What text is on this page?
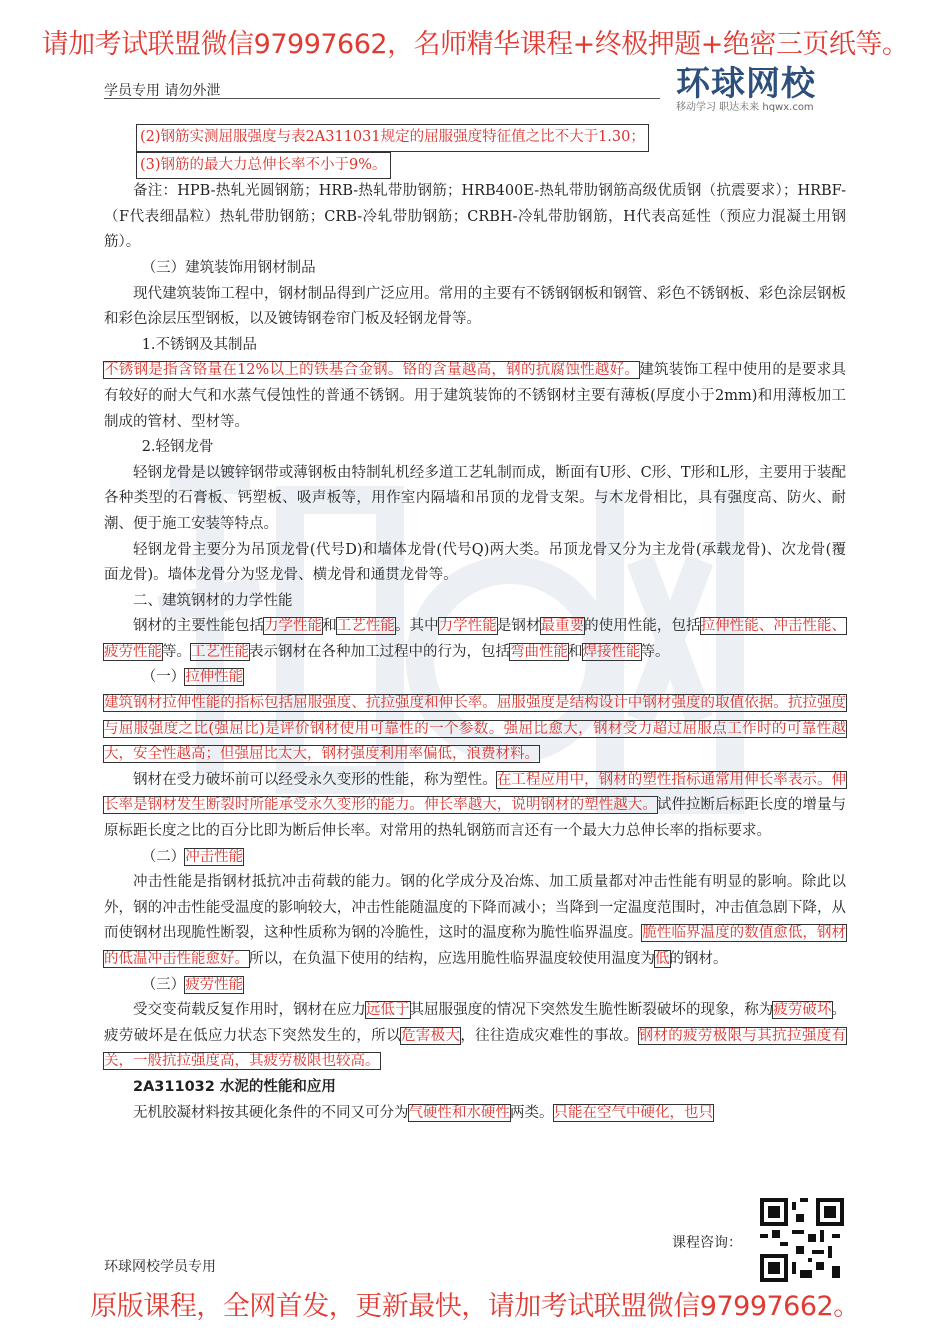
请加考试联盟微信97997662，名师精华课程+终极押题+绝密三页纸等。
学员专用 请勿外泄	环球网校
移动学习 职达未来 hqwx.com

(2)钢筋实测屈服强度与表2A311031规定的屈服强度特征值之比不大于1.30；
(3)钢筋的最大力总伸长率不小于9%。

备注：HPB-热轧光圆钢筋；HRB-热轧带肋钢筋；HRB400E-热轧带肋钢筋高级优质钢（抗震要求）；HRBF-（F代表细晶粒）热轧带肋钢筋；CRB-冷轧带肋钢筋；CRBH-冷轧带肋钢筋，H代表高延性（预应力混凝土用钢筋）。

（三）建筑装饰用钢材制品

现代建筑装饰工程中，钢材制品得到广泛应用。常用的主要有不锈钢钢板和钢管、彩色不锈钢板、彩色涂层钢板和彩色涂层压型钢板，以及镀铸钢卷帘门板及轻钢龙骨等。

1.不锈钢及其制品

不锈钢是指含铬量在12%以上的铁基合金钢。铬的含量越高，钢的抗腐蚀性越好。建筑装饰工程中使用的是要求具有较好的耐大气和水蒸气侵蚀性的普通不锈钢。用于建筑装饰的不锈钢材主要有薄板(厚度小于2mm)和用薄板加工制成的管材、型材等。

2.轻钢龙骨

轻钢龙骨是以镀锌钢带或薄钢板由特制轧机经多道工艺轧制而成，断面有U形、C形、T形和L形，主要用于装配各种类型的石膏板、钙塑板、吸声板等，用作室内隔墙和吊顶的龙骨支架。与木龙骨相比，具有强度高、防火、耐潮、便于施工安装等特点。

轻钢龙骨主要分为吊顶龙骨(代号D)和墙体龙骨(代号Q)两大类。吊顶龙骨又分为主龙骨(承载龙骨)、次龙骨(覆面龙骨)。墙体龙骨分为竖龙骨、横龙骨和通贯龙骨等。

二、建筑钢材的力学性能

钢材的主要性能包括力学性能和工艺性能。其中力学性能是钢材最重要的使用性能，包括拉伸性能、冲击性能、疲劳性能等。工艺性能表示钢材在各种加工过程中的行为，包括弯曲性能和焊接性能等。

（一）拉伸性能

建筑钢材拉伸性能的指标包括屈服强度、抗拉强度和伸长率。屈服强度是结构设计中钢材强度的取值依据。抗拉强度与屈服强度之比(强屈比)是评价钢材使用可靠性的一个参数。强屈比愈大，钢材受力超过屈服点工作时的可靠性越大，安全性越高；但强屈比太大，钢材强度利用率偏低，浪费材料。

钢材在受力破坏前可以经受永久变形的性能，称为塑性。在工程应用中，钢材的塑性指标通常用伸长率表示。伸长率是钢材发生断裂时所能承受永久变形的能力。伸长率越大，说明钢材的塑性越大。试件拉断后标距长度的增量与原标距长度之比的百分比即为断后伸长率。对常用的热轧钢筋而言还有一个最大力总伸长率的指标要求。

（二）冲击性能

冲击性能是指钢材抵抗冲击荷载的能力。钢的化学成分及冶炼、加工质量都对冲击性能有明显的影响。除此以外，钢的冲击性能受温度的影响较大，冲击性能随温度的下降而减小；当降到一定温度范围时，冲击值急剧下降，从而使钢材出现脆性断裂，这种性质称为钢的冷脆性，这时的温度称为脆性临界温度。脆性临界温度的数值愈低，钢材的低温冲击性能愈好。所以，在负温下使用的结构，应选用脆性临界温度较使用温度为低的钢材。

（三）疲劳性能

受交变荷载反复作用时，钢材在应力远低于其屈服强度的情况下突然发生脆性断裂破坏的现象，称为疲劳破坏。疲劳破坏是在低应力状态下突然发生的，所以危害极大，往往造成灾难性的事故。钢材的疲劳极限与其抗拉强度有关，一般抗拉强度高，其疲劳极限也较高。

2A311032 水泥的性能和应用

无机胶凝材料按其硬化条件的不同又可分为气硬性和水硬性两类。只能在空气中硬化，也只

环球网校学员专用
课程咨询：
原版课程，全网首发，更新最快，请加考试联盟微信97997662。
